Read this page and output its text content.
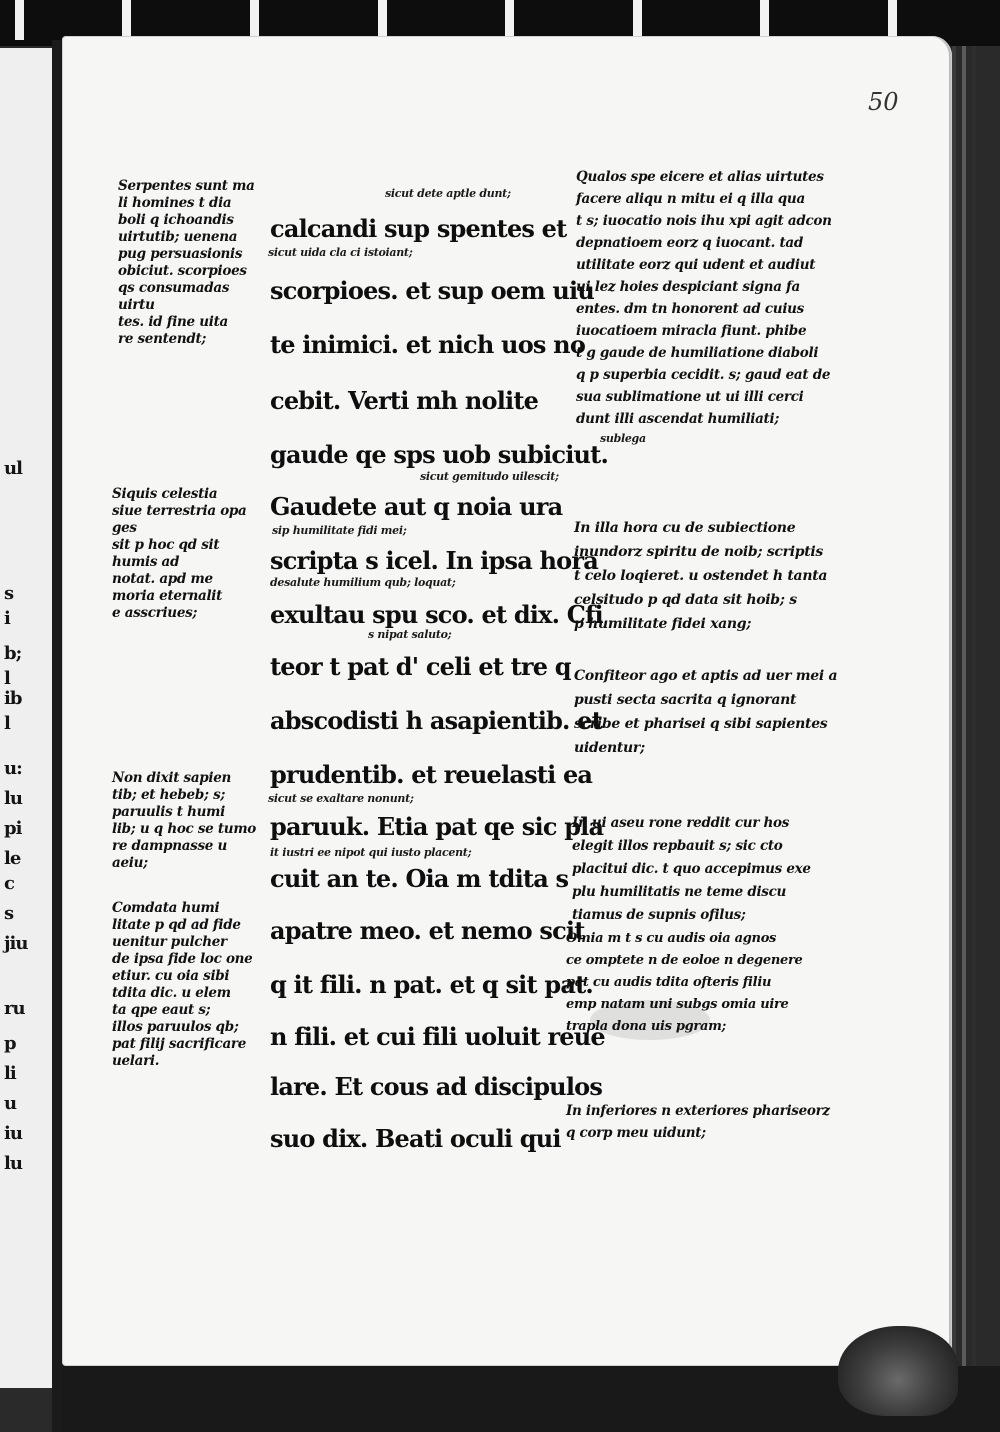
ul
s
i
b;
l
ib
l
u:
lu
pi
le
c
s
jiu
ru
p
li
u
iu
lu
50
Serpentes sunt ma
li homines t dia
boli q ichoandis
uirtutib; uenena
pug persuasionis
obiciut. scorpioes
qs consumadas uirtu
tes. id fine uita
re sentendt;
Siquis celestia
siue terrestria opa ges
sit p hoc qd sit humis ad
notat. apd me
moria eternalit
e asscriues;
Non dixit sapien
tib; et hebeb; s;
paruulis t humi
lib; u q hoc se tumo
re dampnasse u
aeiu;
Comdata humi
litate p qd ad fide
uenitur pulcher
de ipsa fide loc one
etiur. cu oia sibi
tdita dic. u elem
ta qpe eaut s;
illos paruulos qb;
pat filij sacrificare
uelari.
sicut dete aptle dunt;
sicut uida cla ci istoiant;
sicut gemitudo uilescit;
sip humilitate fidi mei;
desalute humilium qub; loquat;
s nipat saluto;
sicut se exaltare nonunt;
it iustri ee nipot qui iusto placent;
sublega
calcandi sup spentes et
scorpioes. et sup oem uiu
te inimici. et nich uos no
cebit. Verti mh nolite
gaude qe sps uob subiciut.
Gaudete aut q noia ura
scripta s icel. In ipsa hora
exultau spu sco. et dix. Cfi
teor t pat d' celi et tre q
abscodisti h asapientib. et
prudentib. et reuelasti ea
paruuk. Etia pat qe sic pla
cuit an te. Oia m tdita s
apatre meo. et nemo scit
q it fili. n pat. et q sit pat.
n fili. et cui fili uoluit reue
lare. Et cous ad discipulos
suo dix. Beati oculi qui
Qualos spe eicere et alias uirtutes
facere aliqu n mitu ei q illa qua
t s; iuocatio nois ihu xpi agit adcon
depnatioem eorz q iuocant. tad
utilitate eorz qui udent et audiut
ui lez hoies despiciant signa fa
entes. dm tn honorent ad cuius
iuocatioem miracla fiunt. phibe
t g gaude de humiliatione diaboli
q p superbia cecidit. s; gaud eat de
sua sublimatione ut ui illi cerci
dunt illi ascendat humiliati;
In illa hora cu de subiectione
inundorz spiritu de noib; scriptis
t celo loqieret. u ostendet h tanta
celsitudo p qd data sit hoib; s
p humilitate fidei xang;
Confiteor ago et aptis ad uer mei a
pusti secta sacrita q ignorant
scribe et pharisei q sibi sapientes
uidentur;
In ui aseu rone reddit cur hos
elegit illos repbauit s; sic cto
placitui dic. t quo accepimus exe
plu humilitatis ne teme discu
tiamus de supnis ofilus;
Omia m t s cu audis oia agnos
ce omptete n de eoloe n degenere
pat cu audis tdita ofteris filiu
emp natam uni subgs omia uire
trapla dona uis pgram;
In inferiores n exteriores phariseorz
q corp meu uidunt;
